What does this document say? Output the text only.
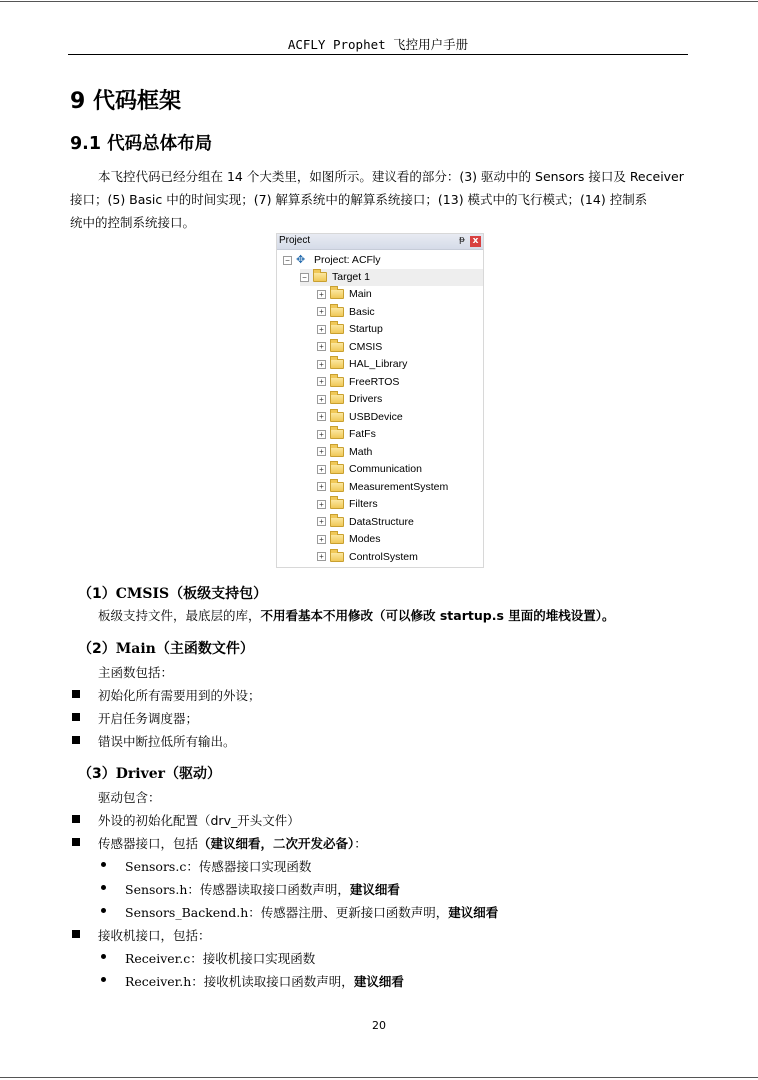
ACFLY Prophet 飞控用户手册
9 代码框架
9.1 代码总体布局
本飞控代码已经分组在 14 个大类里，如图所示。建议看的部分：(3) 驱动中的 Sensors 接口及 Receiver
接口；(5) Basic 中的时间实现；(7) 解算系统中的解算系统接口；(13) 模式中的飞行模式；(14) 控制系
统中的控制系统接口。
Project	ᵽ x
− ✥ Project: ACFly
− Target 1
+ Main
+ Basic
+ Startup
+ CMSIS
+ HAL_Library
+ FreeRTOS
+ Drivers
+ USBDevice
+ FatFs
+ Math
+ Communication
+ MeasurementSystem
+ Filters
+ DataStructure
+ Modes
+ ControlSystem
（1）CMSIS（板级支持包）
板级支持文件，最底层的库，不用看基本不用修改（可以修改 startup.s 里面的堆栈设置）。
（2）Main（主函数文件）
主函数包括：
初始化所有需要用到的外设；
开启任务调度器；
错误中断拉低所有输出。
（3）Driver（驱动）
驱动包含：
外设的初始化配置（drv_开头文件）
传感器接口，包括（建议细看，二次开发必备）：
Sensors.c：传感器接口实现函数
Sensors.h：传感器读取接口函数声明，建议细看
Sensors_Backend.h：传感器注册、更新接口函数声明，建议细看
接收机接口，包括：
Receiver.c：接收机接口实现函数
Receiver.h：接收机读取接口函数声明，建议细看
20
